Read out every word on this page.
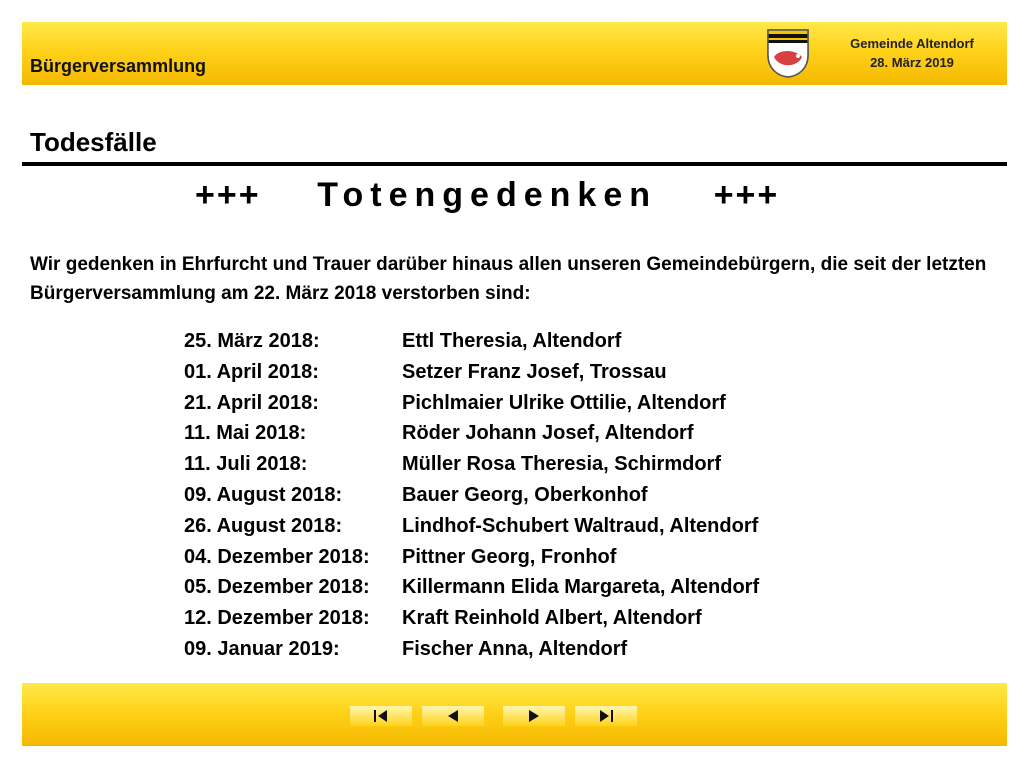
Bürgerversammlung
Gemeinde Altendorf
28. März 2019
Todesfälle
+++ Totengedenken +++
Wir gedenken in Ehrfurcht und Trauer darüber hinaus allen unseren Gemeindebürgern, die seit der letzten Bürgerversammlung am 22. März 2018 verstorben sind:
25. März 2018:	Ettl Theresia, Altendorf
01. April 2018:	Setzer Franz Josef, Trossau
21. April 2018:	Pichlmaier Ulrike Ottilie, Altendorf
11. Mai 2018:	Röder Johann Josef, Altendorf
11. Juli 2018:	Müller Rosa Theresia, Schirmdorf
09. August 2018:	Bauer Georg, Oberkonhof
26. August 2018:	Lindhof-Schubert Waltraud, Altendorf
04. Dezember 2018:	Pittner Georg, Fronhof
05. Dezember 2018:	Killermann Elida Margareta, Altendorf
12. Dezember 2018:	Kraft Reinhold Albert, Altendorf
09. Januar 2019:	Fischer Anna, Altendorf
